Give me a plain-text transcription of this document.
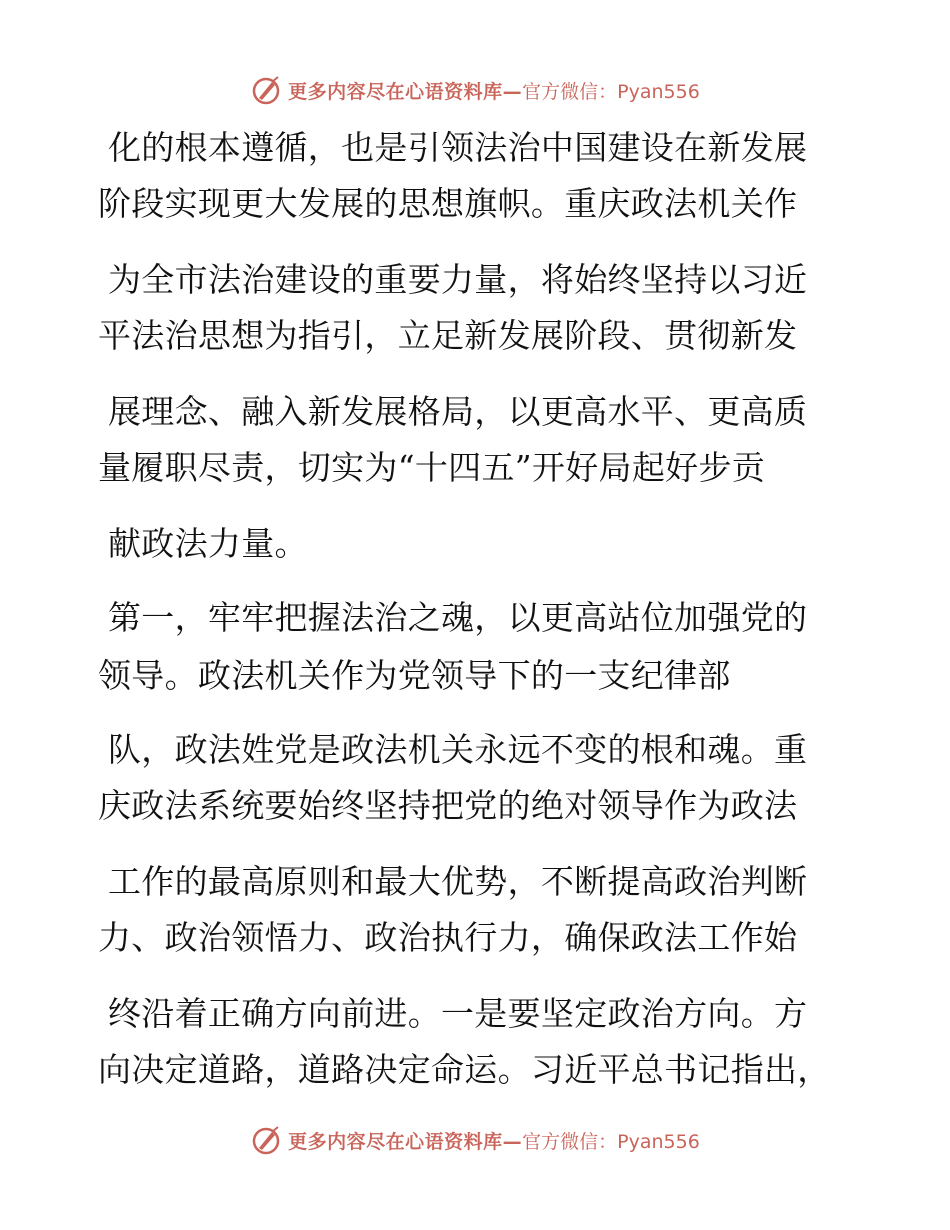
更多内容尽在心语资料库— 官方微信：Pyan556
化的根本遵循，也是引领法治中国建设在新发展
阶段实现更大发展的思想旗帜。重庆政法机关作
为全市法治建设的重要力量，将始终坚持以习近
平法治思想为指引，立足新发展阶段、贯彻新发
展理念、融入新发展格局，以更高水平、更高质
量履职尽责，切实为“十四五”开好局起好步贡
献政法力量。
第一，牢牢把握法治之魂，以更高站位加强党的
领导。政法机关作为党领导下的一支纪律部
队，政法姓党是政法机关永远不变的根和魂。重
庆政法系统要始终坚持把党的绝对领导作为政法
工作的最高原则和最大优势，不断提高政治判断
力、政治领悟力、政治执行力，确保政法工作始
终沿着正确方向前进。一是要坚定政治方向。方
向决定道路，道路决定命运。习近平总书记指出，
更多内容尽在心语资料库— 官方微信：Pyan556
